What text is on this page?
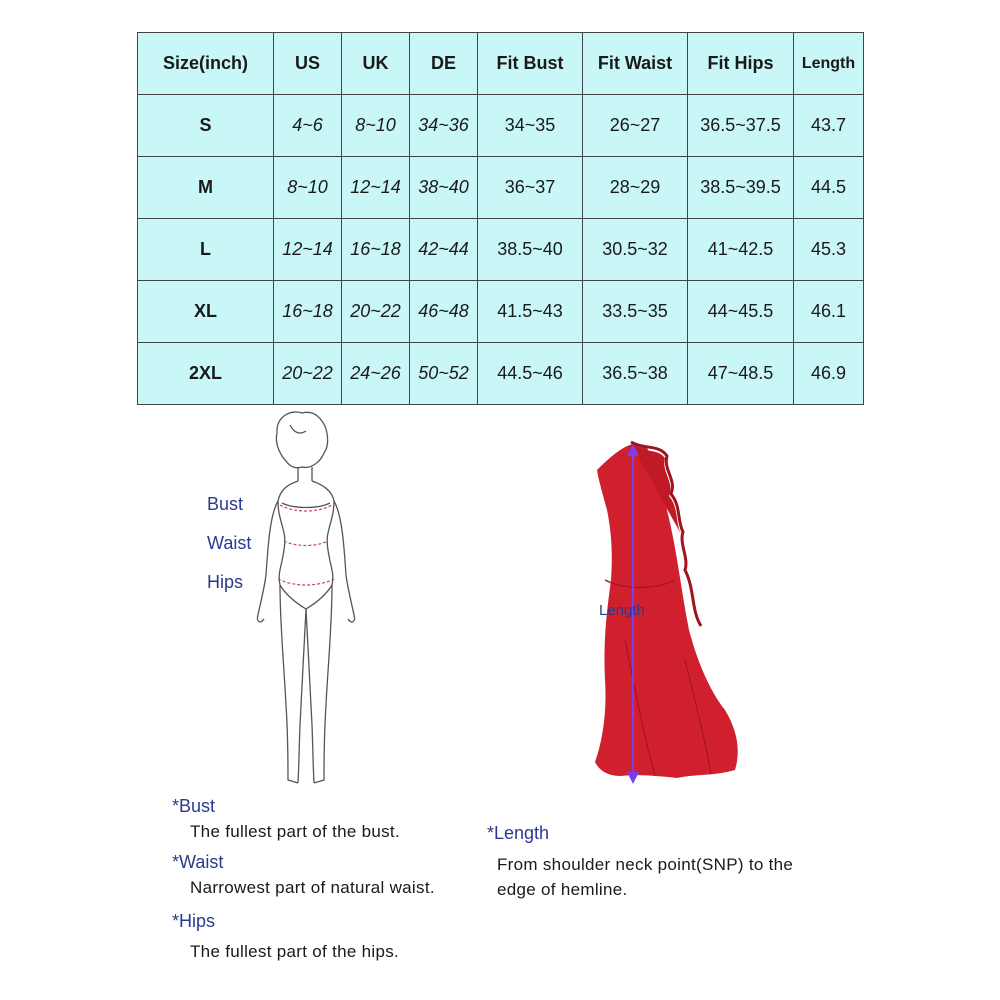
Size(inch)	US	UK	DE	Fit Bust	Fit Waist	Fit Hips	Length
S	4~6	8~10	34~36	34~35	26~27	36.5~37.5	43.7
M	8~10	12~14	38~40	36~37	28~29	38.5~39.5	44.5
L	12~14	16~18	42~44	38.5~40	30.5~32	41~42.5	45.3
XL	16~18	20~22	46~48	41.5~43	33.5~35	44~45.5	46.1
2XL	20~22	24~26	50~52	44.5~46	36.5~38	47~48.5	46.9
Bust
Waist
Hips
Length
*Bust
The fullest part of the bust.
*Waist
Narrowest part of natural waist.
*Hips
The fullest part of the hips.
*Length
From shoulder neck point(SNP) to the
edge of hemline.
